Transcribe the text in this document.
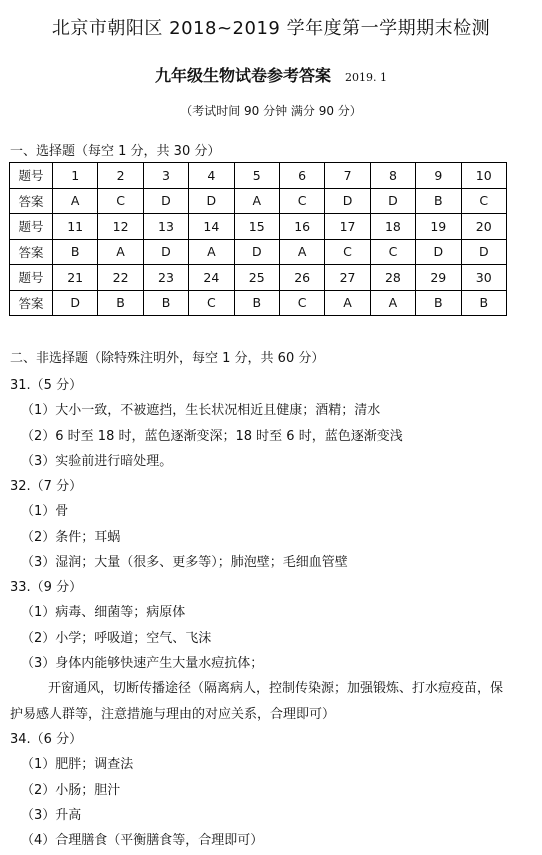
北京市朝阳区 2018~2019 学年度第一学期期末检测
九年级生物试卷参考答案 2019. 1
（考试时间 90 分钟 满分 90 分）
一、选择题（每空 1 分，共 30 分）
题号	1	2	3	4	5	6	7	8	9	10
答案	A	C	D	D	A	C	D	D	B	C
题号	11	12	13	14	15	16	17	18	19	20
答案	B	A	D	A	D	A	C	C	D	D
题号	21	22	23	24	25	26	27	28	29	30
答案	D	B	B	C	B	C	A	A	B	B
二、非选择题（除特殊注明外，每空 1 分，共 60 分）
31.（5 分）
（1）大小一致，不被遮挡，生长状况相近且健康；酒精；清水
（2）6 时至 18 时，蓝色逐渐变深；18 时至 6 时，蓝色逐渐变浅
（3）实验前进行暗处理。
32.（7 分）
（1）骨
（2）条件；耳蜗
（3）湿润；大量（很多、更多等）；肺泡壁；毛细血管壁
33.（9 分）
（1）病毒、细菌等；病原体
（2）小学；呼吸道；空气、飞沫
（3）身体内能够快速产生大量水痘抗体；
开窗通风，切断传播途径（隔离病人，控制传染源；加强锻炼、打水痘疫苗，保
护易感人群等，注意措施与理由的对应关系，合理即可）
34.（6 分）
（1）肥胖；调查法
（2）小肠；胆汁
（3）升高
（4）合理膳食（平衡膳食等，合理即可）
